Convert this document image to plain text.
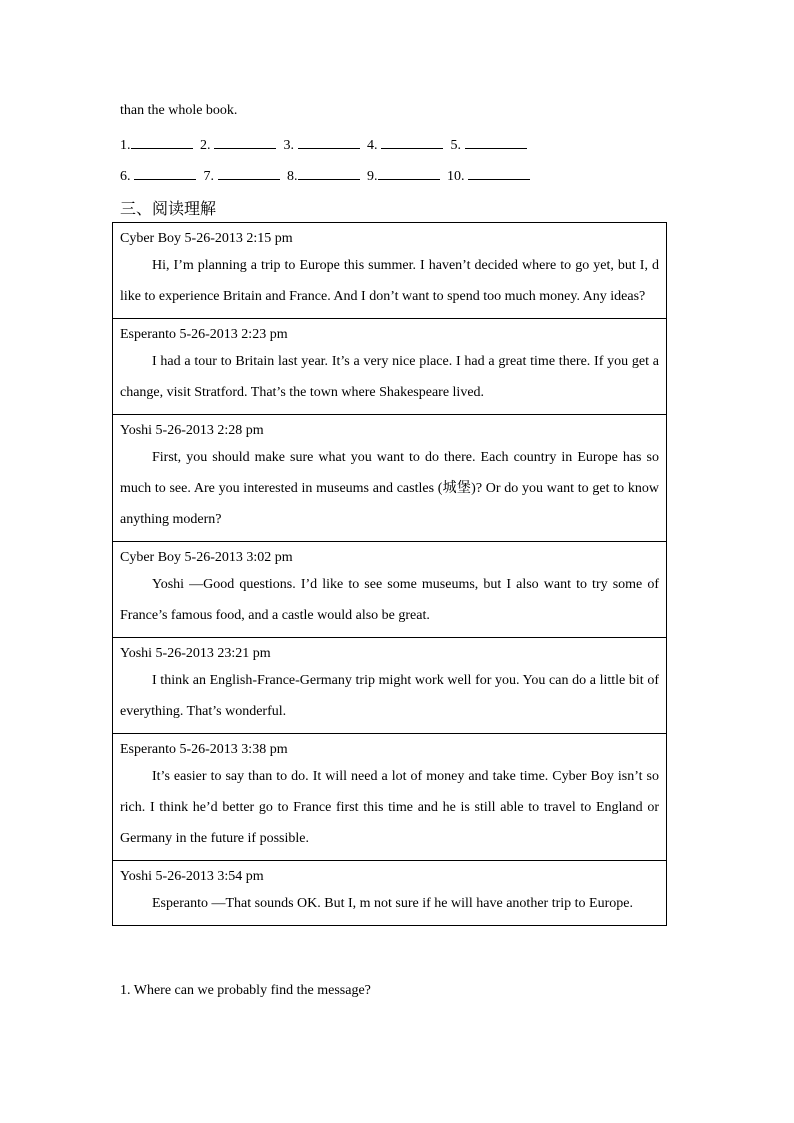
than the whole book.
1.	2.	3.	4.	5.
6.	7.	8.	9.	10.
三、阅读理解
Cyber Boy 5-26-2013 2:15 pm
Hi, I’m planning a trip to Europe this summer. I haven’t decided where to go yet, but I, d like to experience Britain and France. And I don’t want to spend too much money. Any ideas?
Esperanto 5-26-2013 2:23 pm
I had a tour to Britain last year. It’s a very nice place. I had a great time there. If you get a change, visit Stratford. That’s the town where Shakespeare lived.
Yoshi 5-26-2013 2:28 pm
First, you should make sure what you want to do there. Each country in Europe has so much to see. Are you interested in museums and castles (城堡)? Or do you want to get to know anything modern?
Cyber Boy 5-26-2013 3:02 pm
Yoshi —Good questions. I’d like to see some museums, but I also want to try some of France’s famous food, and a castle would also be great.
Yoshi 5-26-2013 23:21 pm
I think an English-France-Germany trip might work well for you. You can do a little bit of everything. That’s wonderful.
Esperanto 5-26-2013 3:38 pm
It’s easier to say than to do. It will need a lot of money and take time. Cyber Boy isn’t so rich. I think he’d better go to France first this time and he is still able to travel to England or Germany in the future if possible.
Yoshi 5-26-2013 3:54 pm
Esperanto —That sounds OK. But I, m not sure if he will have another trip to Europe.
1. Where can we probably find the message?
